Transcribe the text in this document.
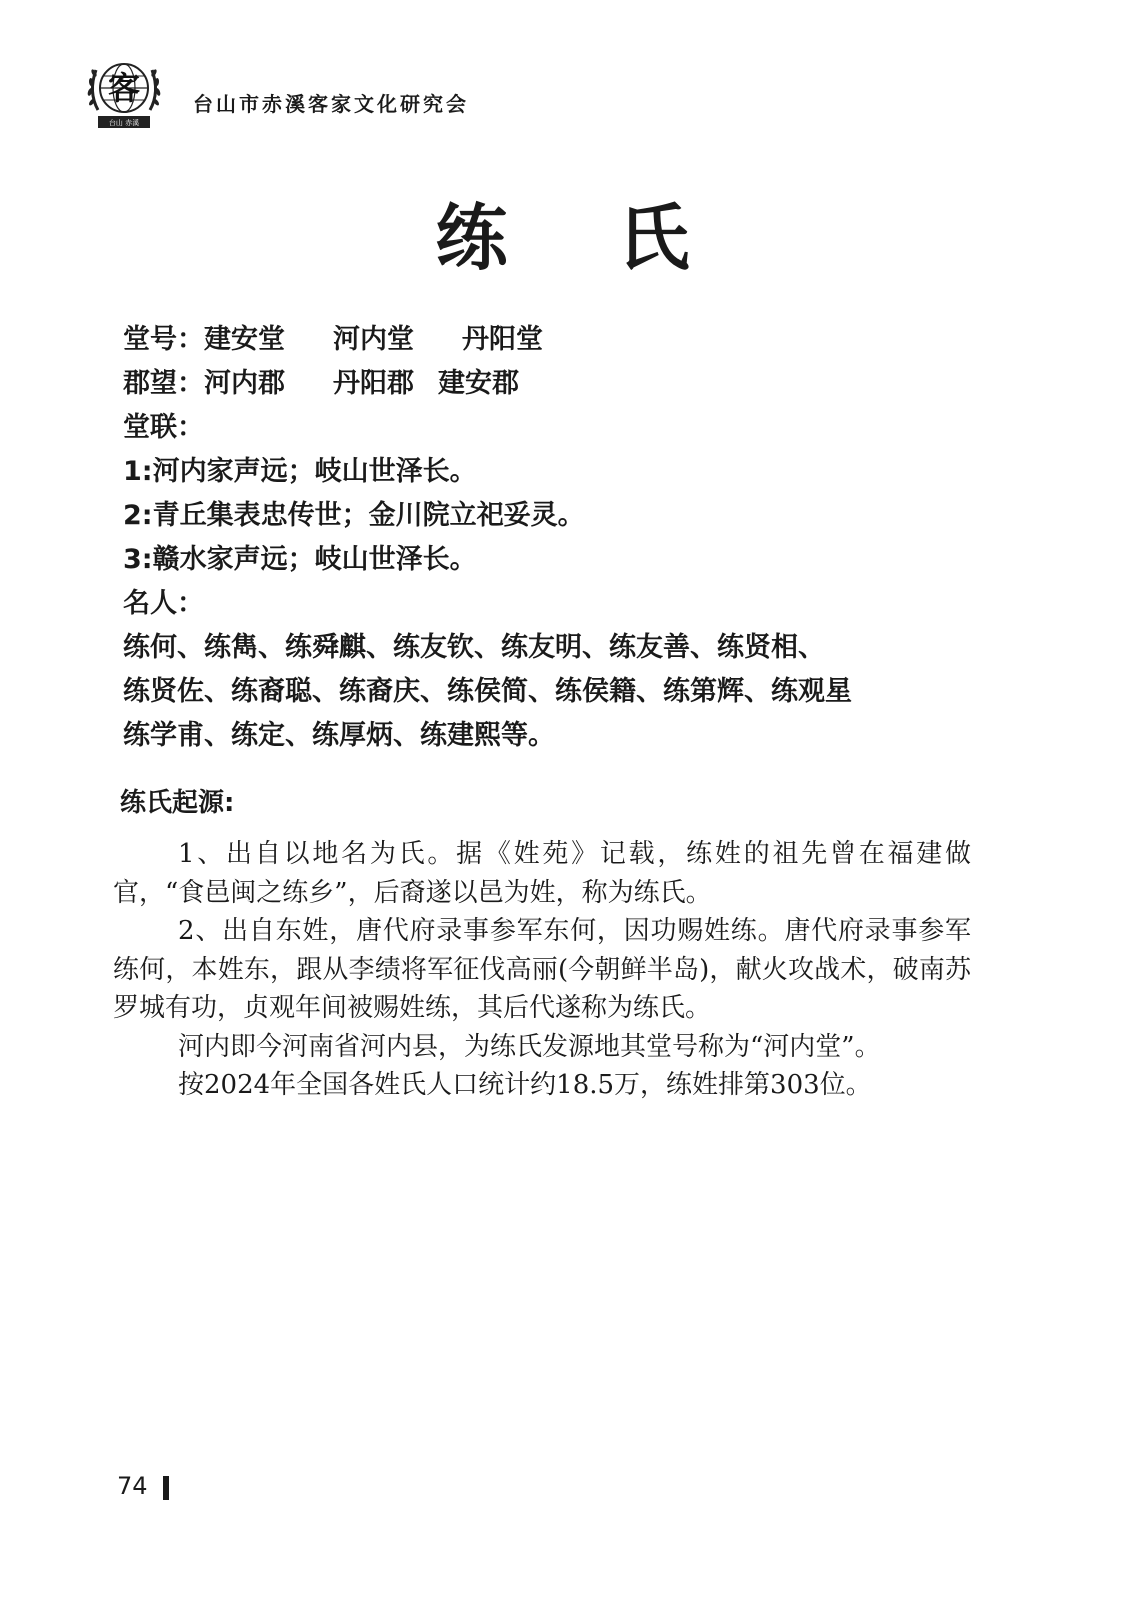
客
台山 赤溪
台山市赤溪客家文化研究会
练 氏
堂号：建安堂 河内堂 丹阳堂
郡望：河内郡 丹阳郡 建安郡
堂联：
1:河内家声远；岐山世泽长。
2:青丘集表忠传世；金川院立祀妥灵。
3:赣水家声远；岐山世泽长。
名人：
练何、练雋、练舜麒、练友钦、练友明、练友善、练贤相、
练贤佐、练裔聪、练裔庆、练侯简、练侯籍、练第辉、练观星
练学甫、练定、练厚炳、练建熙等。
练氏起源:

1、出自以地名为氏。据《姓苑》记载，练姓的祖先曾在福建做官，“食邑闽之练乡”，后裔遂以邑为姓，称为练氏。

2、出自东姓，唐代府录事参军东何，因功赐姓练。唐代府录事参军练何，本姓东，跟从李绩将军征伐高丽(今朝鲜半岛)，献火攻战术，破南苏罗城有功，贞观年间被赐姓练，其后代遂称为练氏。

河内即今河南省河内县，为练氏发源地其堂号称为“河内堂”。

按2024年全国各姓氏人口统计约18.5万，练姓排第303位。

74
